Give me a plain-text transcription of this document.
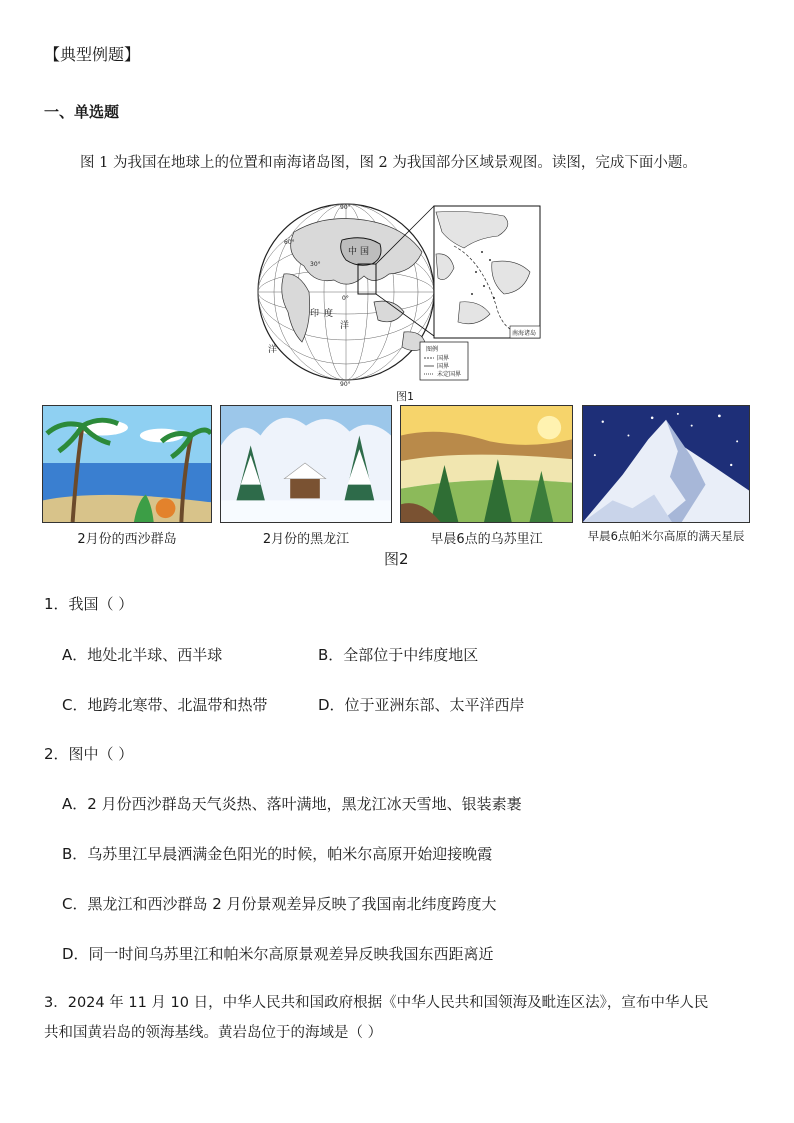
【典型例题】
一、单选题
图 1 为我国在地球上的位置和南海诸岛图，图 2 为我国部分区域景观图。读图，完成下面小题。
90°
90°
60°
30°
0°
中 国
印 度
洋
洋
南海诸岛
图例
国界
国界
未定国界
图1
2月份的西沙群岛	2月份的黑龙江	早晨6点的乌苏里江	早晨6点帕米尔高原的满天星辰
图2
1．我国（ ）
A．地处北半球、西半球	B．全部位于中纬度地区
C．地跨北寒带、北温带和热带	D．位于亚洲东部、太平洋西岸
2．图中（ ）
A．2 月份西沙群岛天气炎热、落叶满地，黑龙江冰天雪地、银装素裹
B．乌苏里江早晨洒满金色阳光的时候，帕米尔高原开始迎接晚霞
C．黑龙江和西沙群岛 2 月份景观差异反映了我国南北纬度跨度大
D．同一时间乌苏里江和帕米尔高原景观差异反映我国东西距离近
3．2024 年 11 月 10 日，中华人民共和国政府根据《中华人民共和国领海及毗连区法》，宣布中华人民
共和国黄岩岛的领海基线。黄岩岛位于的海域是（ ）
